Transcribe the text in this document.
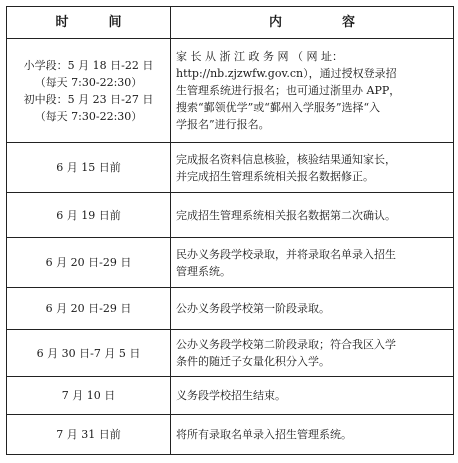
时 间	内 容

小学段：5 月 18 日-22 日
（每天 7:30-22:30）
初中段：5 月 23 日-27 日
（每天 7:30-22:30）	家 长 从 浙 江 政 务 网 （ 网 址：
http://nb.zjzwfw.gov.cn），通过授权登录招
生管理系统进行报名；也可通过浙里办 APP，
搜索“鄞领优学”或“鄞州入学服务”选择“入
学报名”进行报名。

6 月 15 日前	完成报名资料信息核验，核验结果通知家长，
并完成招生管理系统相关报名数据修正。

6 月 19 日前	完成招生管理系统相关报名数据第二次确认。

6 月 20 日-29 日	民办义务段学校录取，并将录取名单录入招生
管理系统。

6 月 20 日-29 日	公办义务段学校第一阶段录取。

6 月 30 日-7 月 5 日	公办义务段学校第二阶段录取；符合我区入学
条件的随迁子女量化积分入学。

7 月 10 日	义务段学校招生结束。

7 月 31 日前	将所有录取名单录入招生管理系统。
